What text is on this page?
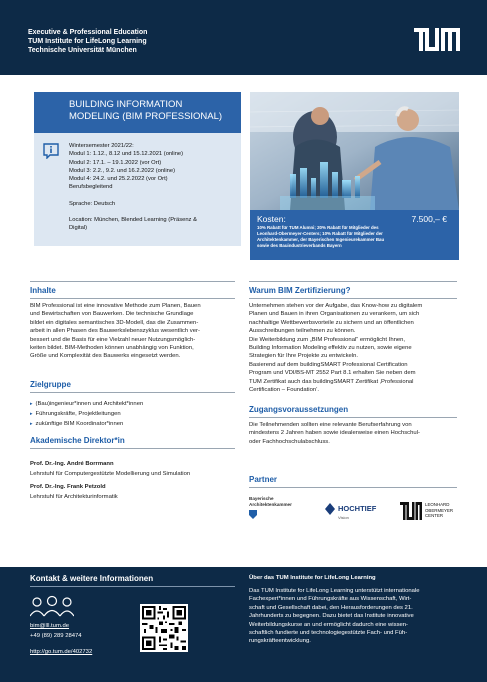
Executive & Professional Education
TUM Institute for LifeLong Learning
Technische Universität München
BUILDING INFORMATION
MODELING (BIM PROFESSIONAL)
Wintersemester 2021/22:
Modul 1: 1.12., 8.12 und 15.12.2021 (online)
Modul 2: 17.1. – 19.1.2022 (vor Ort)
Modul 3: 2.2., 9.2. und 16.2.2022 (online)
Modul 4: 24.2. und 25.2.2022 (vor Ort)
Berufsbegleitend
Sprache: Deutsch
Location: München, Blended Learning (Präsenz &
Digital)
Kosten:	7.500,– €
10% Rabatt für TUM Alumni; 20% Rabatt für Mitglieder des
Leonhard-Obermeyer-Centers; 10% Rabatt für Mitglieder der
Architektenkammer, der Bayerischen Ingenieurekammer Bau
sowie des Bauindustrieverbands Bayern
Inhalte
BIM Professional ist eine innovative Methode zum Planen, Bauen
und Bewirtschaften von Bauwerken. Die technische Grundlage
bildet ein digitales semantisches 3D-Modell, das die Zusammen-
arbeit in allen Phasen des Bauwerkslebenszyklus wesentlich ver-
bessert und die Basis für eine Vielzahl neuer Nutzungsmöglich-
keiten bildet. BIM-Methoden können unabhängig von Funktion,
Größe und Komplexität des Bauwerks eingesetzt werden.
Zielgruppe
▸ (Bau)ingenieur*innen und Architekt*innen
▸ Führungskräfte, Projektleitungen
▸ zukünftige BIM Koordinator*innen
Akademische Direktor*in
Prof. Dr.-Ing. André Borrmann
Lehrstuhl für Computergestützte Modellierung und Simulation
Prof. Dr.-Ing. Frank Petzold
Lehrstuhl für Architekturinformatik
Warum BIM Zertifizierung?
Unternehmen stehen vor der Aufgabe, das Know-how zu digitalem
Planen und Bauen in ihren Organisationen zu verankern, um sich
nachhaltige Wettbewerbsvorteile zu sichern und an öffentlichen
Ausschreibungen teilnehmen zu können.
Die Weiterbildung zum „BIM Professional“ ermöglicht Ihnen,
Building Information Modeling effektiv zu nutzen, sowie eigene
Strategien für Ihre Projekte zu entwickeln.
Basierend auf dem buildingSMART Professional Certification
Program und VDI/BS-MT 2552 Part 8.1 erhalten Sie neben dem
TUM Zertifikat auch das buildingSMART Zertifikat ‚Professional
Certification – Foundation‘.
Zugangsvoraussetzungen
Die Teilnehmenden sollten eine relevante Berufserfahrung von
mindestens 2 Jahren haben sowie idealerweise einen Hochschul-
oder Fachhochschulabschluss.
Partner
Bayerische
Architektenkammer	HOCHTIEF
Vision
LEONHARD
OBERMEYER
CENTER
Kontakt & weitere Informationen
bim@lll.tum.de
+49 (89) 289 28474
http://go.tum.de/402732
Über das TUM Institute for LifeLong Learning
Das TUM Institute for LifeLong Learning unterstützt internationale
Fachexpert*innen und Führungskräfte aus Wissenschaft, Wirt-
schaft und Gesellschaft dabei, den Herausforderungen des 21.
Jahrhunderts zu begegnen. Dazu bietet das Institute innovative
Weiterbildungskurse an und ermöglicht dadurch eine wissen-
schaftlich fundierte und technologiegestützte Fach- und Füh-
rungskräfteentwicklung.
